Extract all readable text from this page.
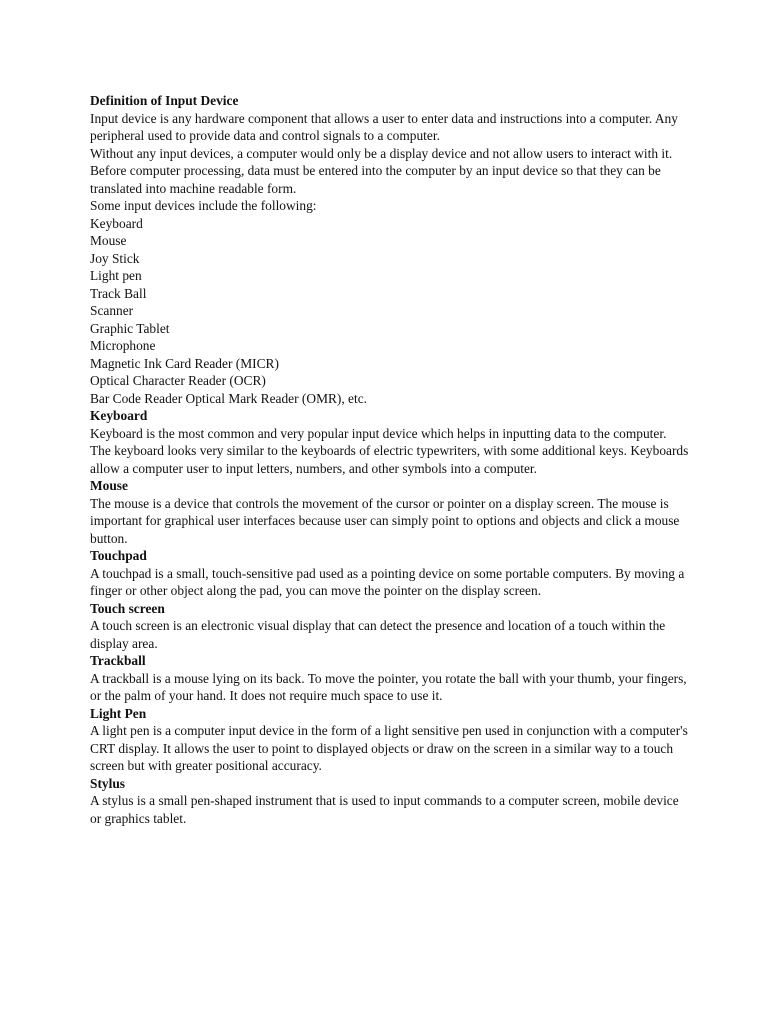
Definition of Input Device

Input device is any hardware component that allows a user to enter data and instructions into a computer. Any peripheral used to provide data and control signals to a computer.

Without any input devices, a computer would only be a display device and not allow users to interact with it. Before computer processing, data must be entered into the computer by an input device so that they can be translated into machine readable form.

Some input devices include the following:

Keyboard
Mouse
Joy Stick
Light pen
Track Ball
Scanner
Graphic Tablet
Microphone
Magnetic Ink Card Reader (MICR)
Optical Character Reader (OCR)
Bar Code Reader Optical Mark Reader (OMR), etc.
Keyboard

Keyboard is the most common and very popular input device which helps in inputting data to the computer. The keyboard looks very similar to the keyboards of electric typewriters, with some additional keys. Keyboards allow a computer user to input letters, numbers, and other symbols into a computer.

Mouse

The mouse is a device that controls the movement of the cursor or pointer on a display screen. The mouse is important for graphical user interfaces because user can simply point to options and objects and click a mouse button.

Touchpad

A touchpad is a small, touch-sensitive pad used as a pointing device on some portable computers. By moving a finger or other object along the pad, you can move the pointer on the display screen.

Touch screen

A touch screen is an electronic visual display that can detect the presence and location of a touch within the display area.

Trackball

A trackball is a mouse lying on its back. To move the pointer, you rotate the ball with your thumb, your fingers, or the palm of your hand. It does not require much space to use it.

Light Pen

A light pen is a computer input device in the form of a light sensitive pen used in conjunction with a computer's CRT display. It allows the user to point to displayed objects or draw on the screen in a similar way to a touch screen but with greater positional accuracy.

Stylus

A stylus is a small pen-shaped instrument that is used to input commands to a computer screen, mobile device or graphics tablet.
